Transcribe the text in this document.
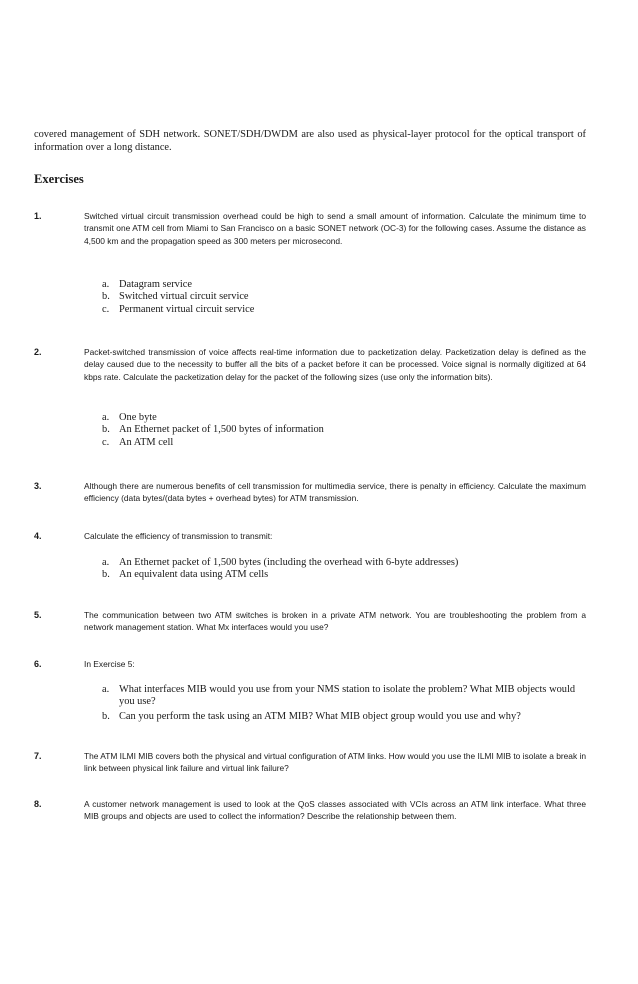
covered management of SDH network. SONET/SDH/DWDM are also used as physical-layer protocol for the optical transport of information over a long distance.
Exercises
1.	Switched virtual circuit transmission overhead could be high to send a small amount of information. Calculate the minimum time to transmit one ATM cell from Miami to San Francisco on a basic SONET network (OC-3) for the following cases. Assume the distance as 4,500 km and the propagation speed as 300 meters per microsecond.
a. Datagram service
b. Switched virtual circuit service
c. Permanent virtual circuit service
2.	Packet-switched transmission of voice affects real-time information due to packetization delay. Packetization delay is defined as the delay caused due to the necessity to buffer all the bits of a packet before it can be processed. Voice signal is normally digitized at 64 kbps rate. Calculate the packetization delay for the packet of the following sizes (use only the information bits).
a. One byte
b. An Ethernet packet of 1,500 bytes of information
c. An ATM cell
3.	Although there are numerous benefits of cell transmission for multimedia service, there is penalty in efficiency. Calculate the maximum efficiency (data bytes/(data bytes + overhead bytes) for ATM transmission.
4.	Calculate the efficiency of transmission to transmit:
a. An Ethernet packet of 1,500 bytes (including the overhead with 6-byte addresses)
b. An equivalent data using ATM cells
5.	The communication between two ATM switches is broken in a private ATM network. You are troubleshooting the problem from a network management station. What Mx interfaces would you use?
6.	In Exercise 5:
a. What interfaces MIB would you use from your NMS station to isolate the problem? What MIB objects would you use?
b. Can you perform the task using an ATM MIB? What MIB object group would you use and why?
7.	The ATM ILMI MIB covers both the physical and virtual configuration of ATM links. How would you use the ILMI MIB to isolate a break in link between physical link failure and virtual link failure?
8.	A customer network management is used to look at the QoS classes associated with VCIs across an ATM link interface. What three MIB groups and objects are used to collect the information? Describe the relationship between them.
